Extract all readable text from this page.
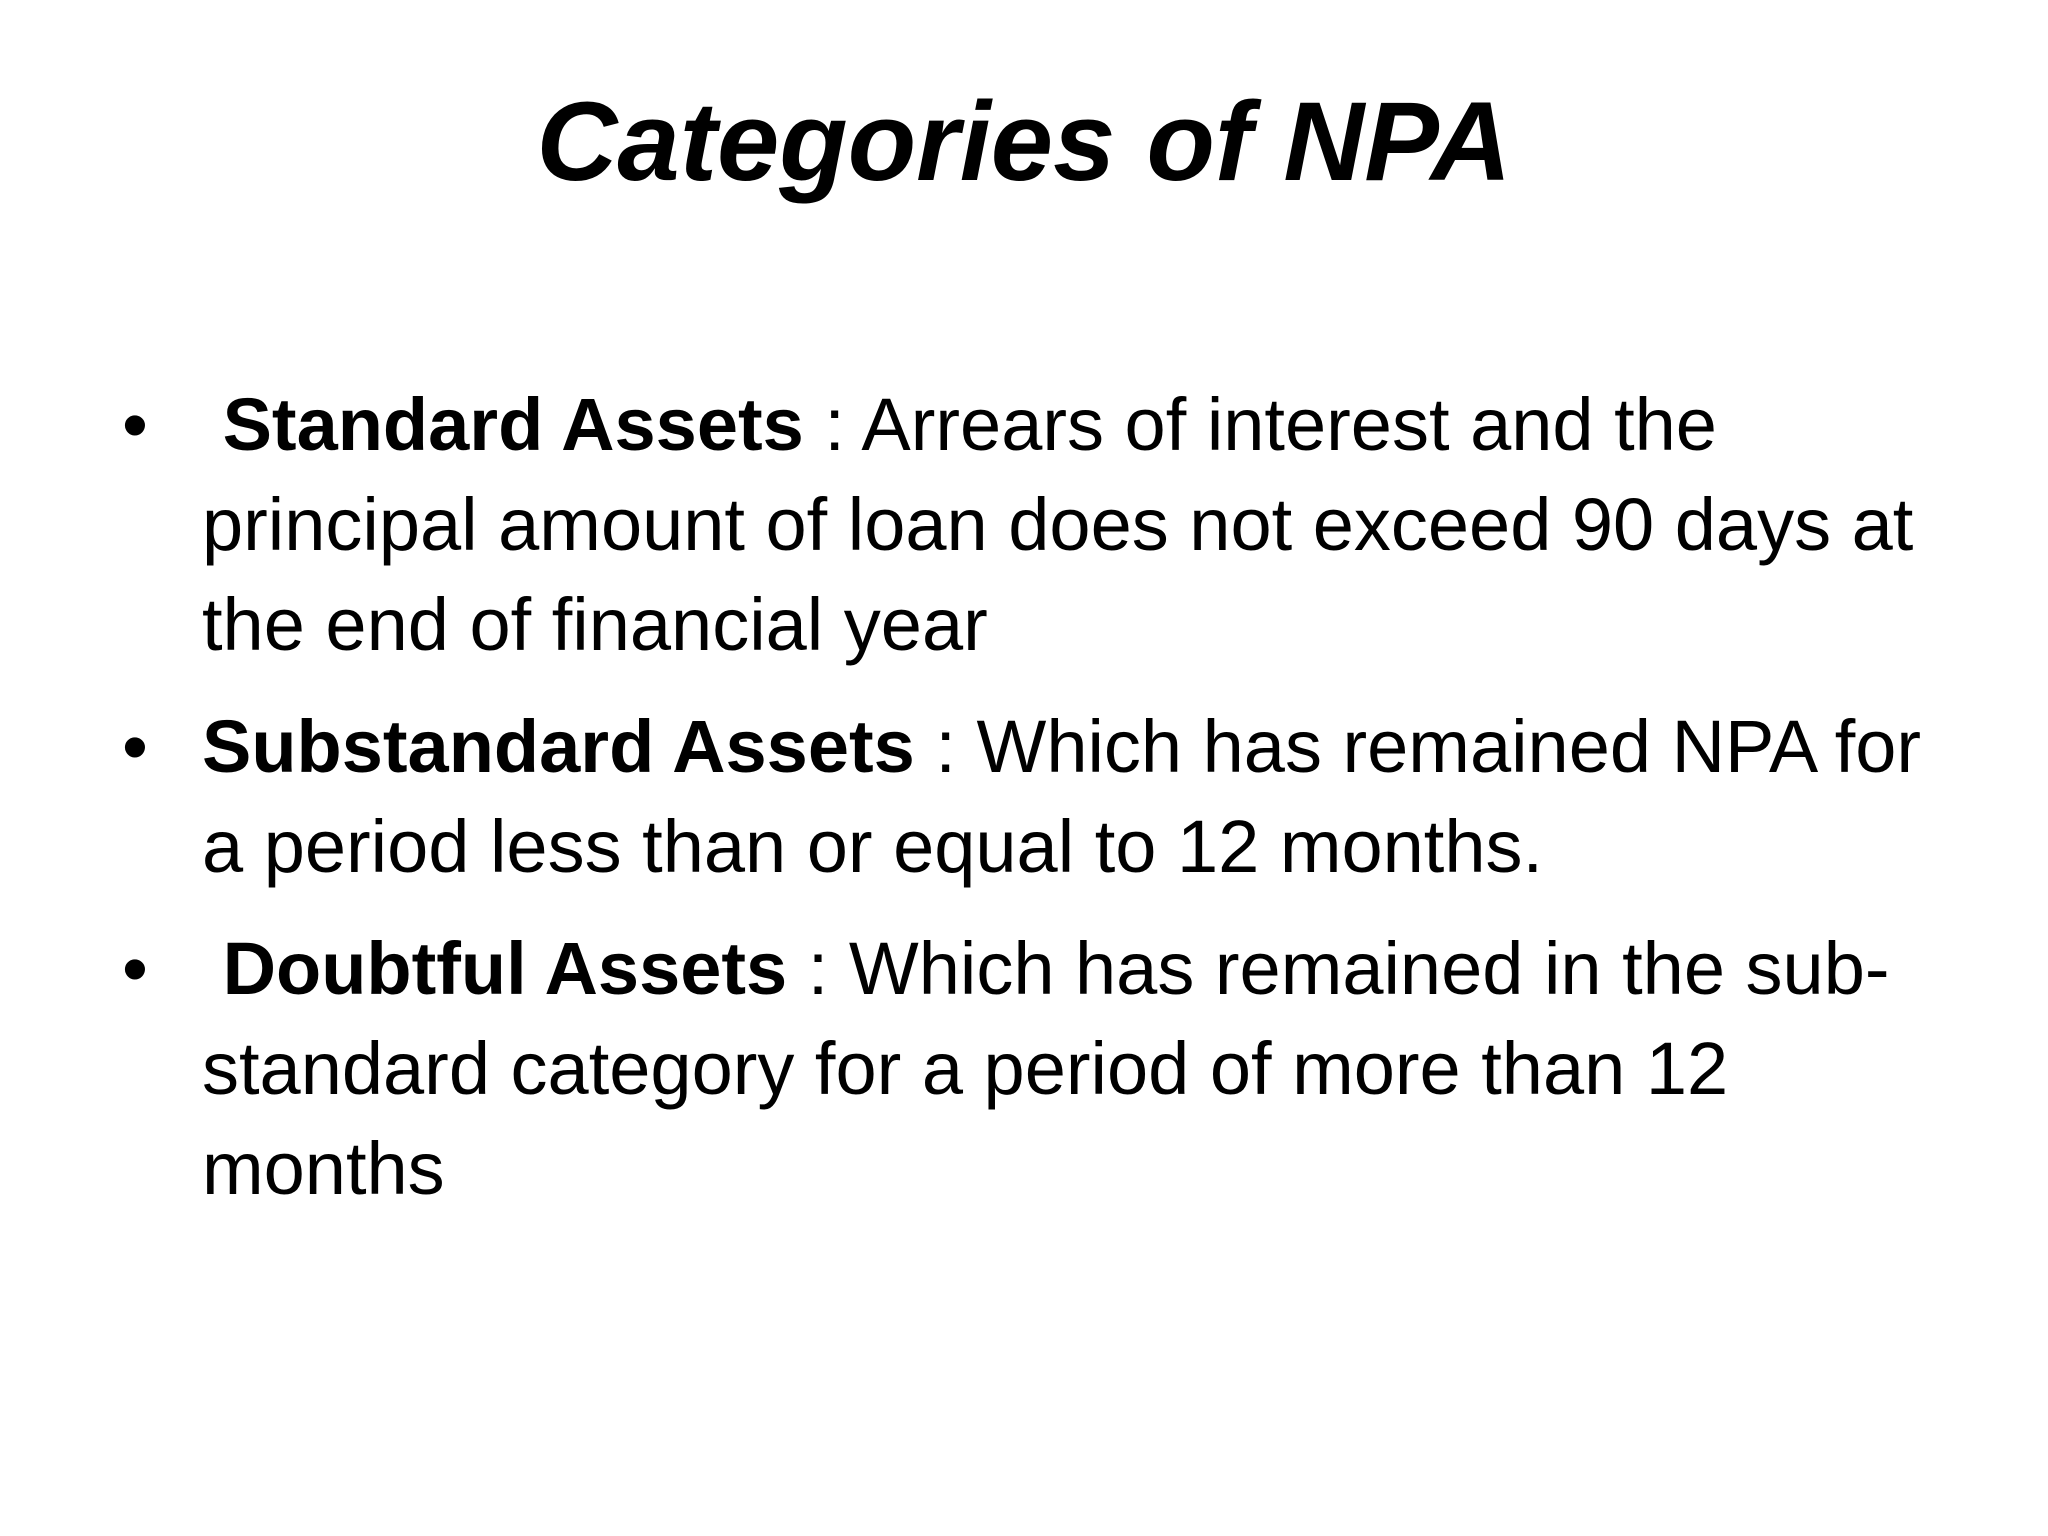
Categories of NPA
•	Standard Assets : Arrears of interest and the principal amount of loan does not exceed 90 days at the end of financial year
• Substandard Assets : Which has remained NPA for a period less than or equal to 12 months.
•	Doubtful Assets : Which has remained in the sub-standard category for a period of more than 12 months
